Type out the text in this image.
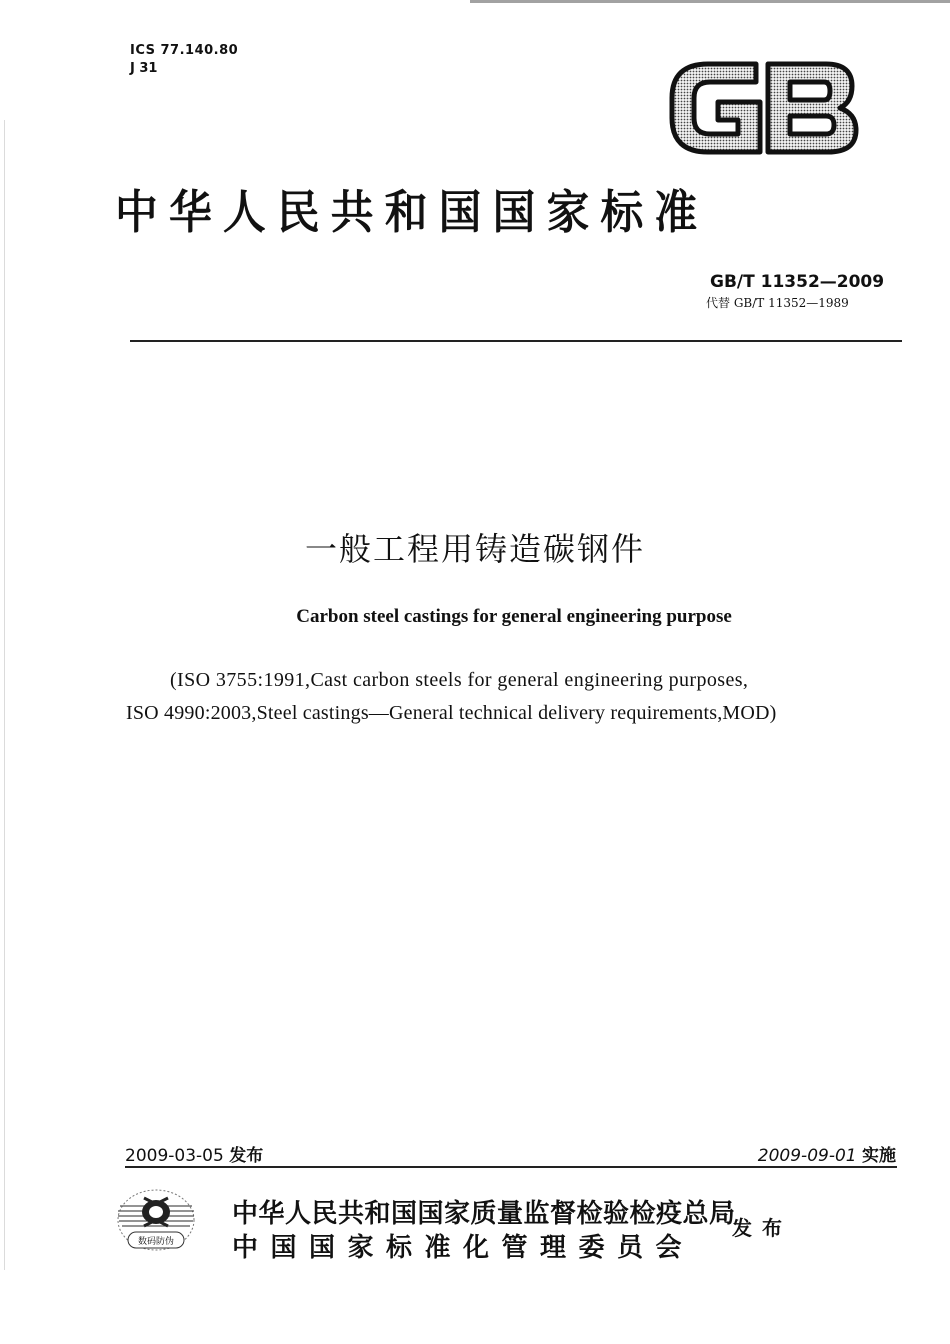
ICS 77.140.80
J 31
中华人民共和国国家标准
GB/T 11352—2009
代替 GB/T 11352—1989
一般工程用铸造碳钢件
Carbon steel castings for general engineering purpose
(ISO 3755:1991,Cast carbon steels for general engineering purposes,
ISO 4990:2003,Steel castings—General technical delivery requirements,MOD)
2009-03-05 发布	2009-09-01 实施
数码防伪
中华人民共和国国家质量监督检验检疫总局
中国国家标准化管理委员会
发布
